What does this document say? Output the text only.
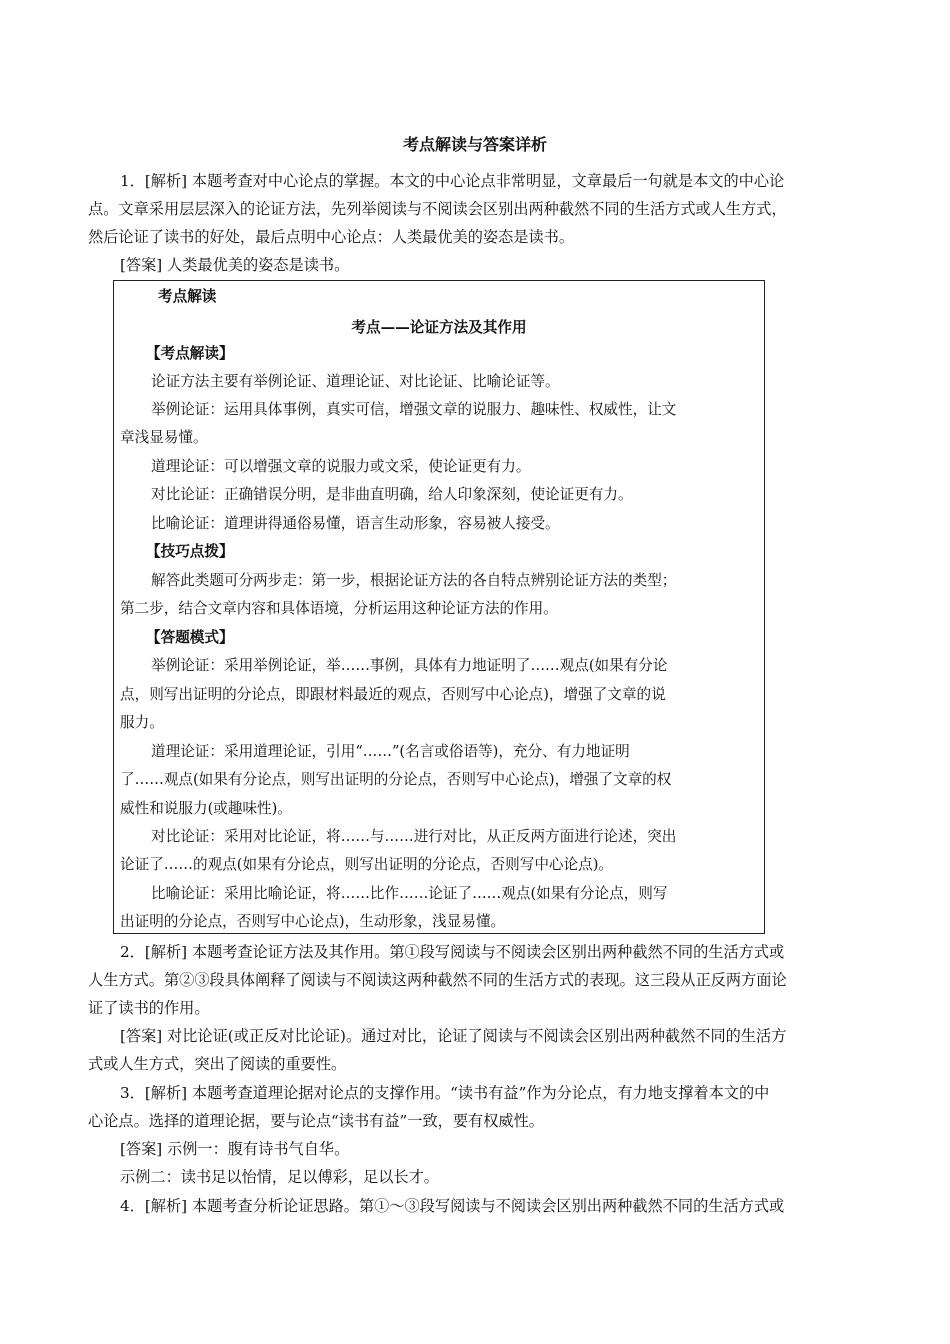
考点解读与答案详析
1．[解析] 本题考查对中心论点的掌握。本文的中心论点非常明显，文章最后一句就是本文的中心论
点。文章采用层层深入的论证方法，先列举阅读与不阅读会区别出两种截然不同的生活方式或人生方式，
然后论证了读书的好处，最后点明中心论点：人类最优美的姿态是读书。
[答案] 人类最优美的姿态是读书。
考点解读
考点——论证方法及其作用
【考点解读】
论证方法主要有举例论证、道理论证、对比论证、比喻论证等。
举例论证：运用具体事例，真实可信，增强文章的说服力、趣味性、权威性，让文
章浅显易懂。
道理论证：可以增强文章的说服力或文采，使论证更有力。
对比论证：正确错误分明，是非曲直明确，给人印象深刻，使论证更有力。
比喻论证：道理讲得通俗易懂，语言生动形象，容易被人接受。
【技巧点拨】
解答此类题可分两步走：第一步，根据论证方法的各自特点辨别论证方法的类型；
第二步，结合文章内容和具体语境，分析运用这种论证方法的作用。
【答题模式】
举例论证：采用举例论证，举……事例，具体有力地证明了……观点(如果有分论
点，则写出证明的分论点，即跟材料最近的观点，否则写中心论点)，增强了文章的说
服力。
道理论证：采用道理论证，引用“……”(名言或俗语等)，充分、有力地证明
了……观点(如果有分论点，则写出证明的分论点，否则写中心论点)，增强了文章的权
威性和说服力(或趣味性)。
对比论证：采用对比论证，将……与……进行对比，从正反两方面进行论述，突出
论证了……的观点(如果有分论点，则写出证明的分论点，否则写中心论点)。
比喻论证：采用比喻论证，将……比作……论证了……观点(如果有分论点，则写
出证明的分论点，否则写中心论点)，生动形象，浅显易懂。
2．[解析] 本题考查论证方法及其作用。第①段写阅读与不阅读会区别出两种截然不同的生活方式或
人生方式。第②③段具体阐释了阅读与不阅读这两种截然不同的生活方式的表现。这三段从正反两方面论
证了读书的作用。
[答案] 对比论证(或正反对比论证)。通过对比，论证了阅读与不阅读会区别出两种截然不同的生活方
式或人生方式，突出了阅读的重要性。
3．[解析] 本题考查道理论据对论点的支撑作用。“读书有益”作为分论点，有力地支撑着本文的中
心论点。选择的道理论据，要与论点“读书有益”一致，要有权威性。
[答案] 示例一：腹有诗书气自华。
示例二：读书足以怡情，足以傅彩，足以长才。
4．[解析] 本题考查分析论证思路。第①～③段写阅读与不阅读会区别出两种截然不同的生活方式或
